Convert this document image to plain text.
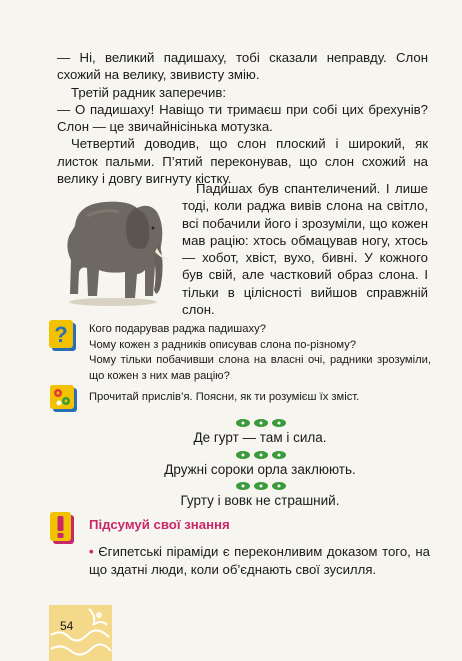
— Ні, великий падишаху, тобі сказали неправду. Слон схожий на велику, звивисту змію.

Третій радник заперечив:

— О падишаху! Навіщо ти тримаєш при собі цих брехунів? Слон — це звичайнісінька мотузка.

Четвертий доводив, що слон плоский і широкий, як листок пальми. П’ятий переконував, що слон схожий на велику і довгу вигнуту кістку.

Падишах був спантеличений. І лише тоді, коли раджа вивів слона на світло, всі побачили його і зрозуміли, що кожен мав рацію: хтось обмацував ногу, хтось — хобот, хвіст, вухо, бивні. У кожного був свій, але частковий образ слона. І тільки в цілісності вийшов справжній слон.
? Кого подарував раджа падишаху?
Чому кожен з радників описував слона по-різному?
Чому тільки побачивши слона на власні очі, радники зрозуміли, що кожен з них мав рацію?
Прочитай прислів’я. Поясни, як ти розумієш їх зміст.
Де гурт — там і сила.
Дружні сороки орла заклюють.
Гурту і вовк не страшний.
Підсумуй свої знання
• Єгипетські піраміди є переконливим доказом того, на що здатні люди, коли об’єднають свої зусилля.
54
